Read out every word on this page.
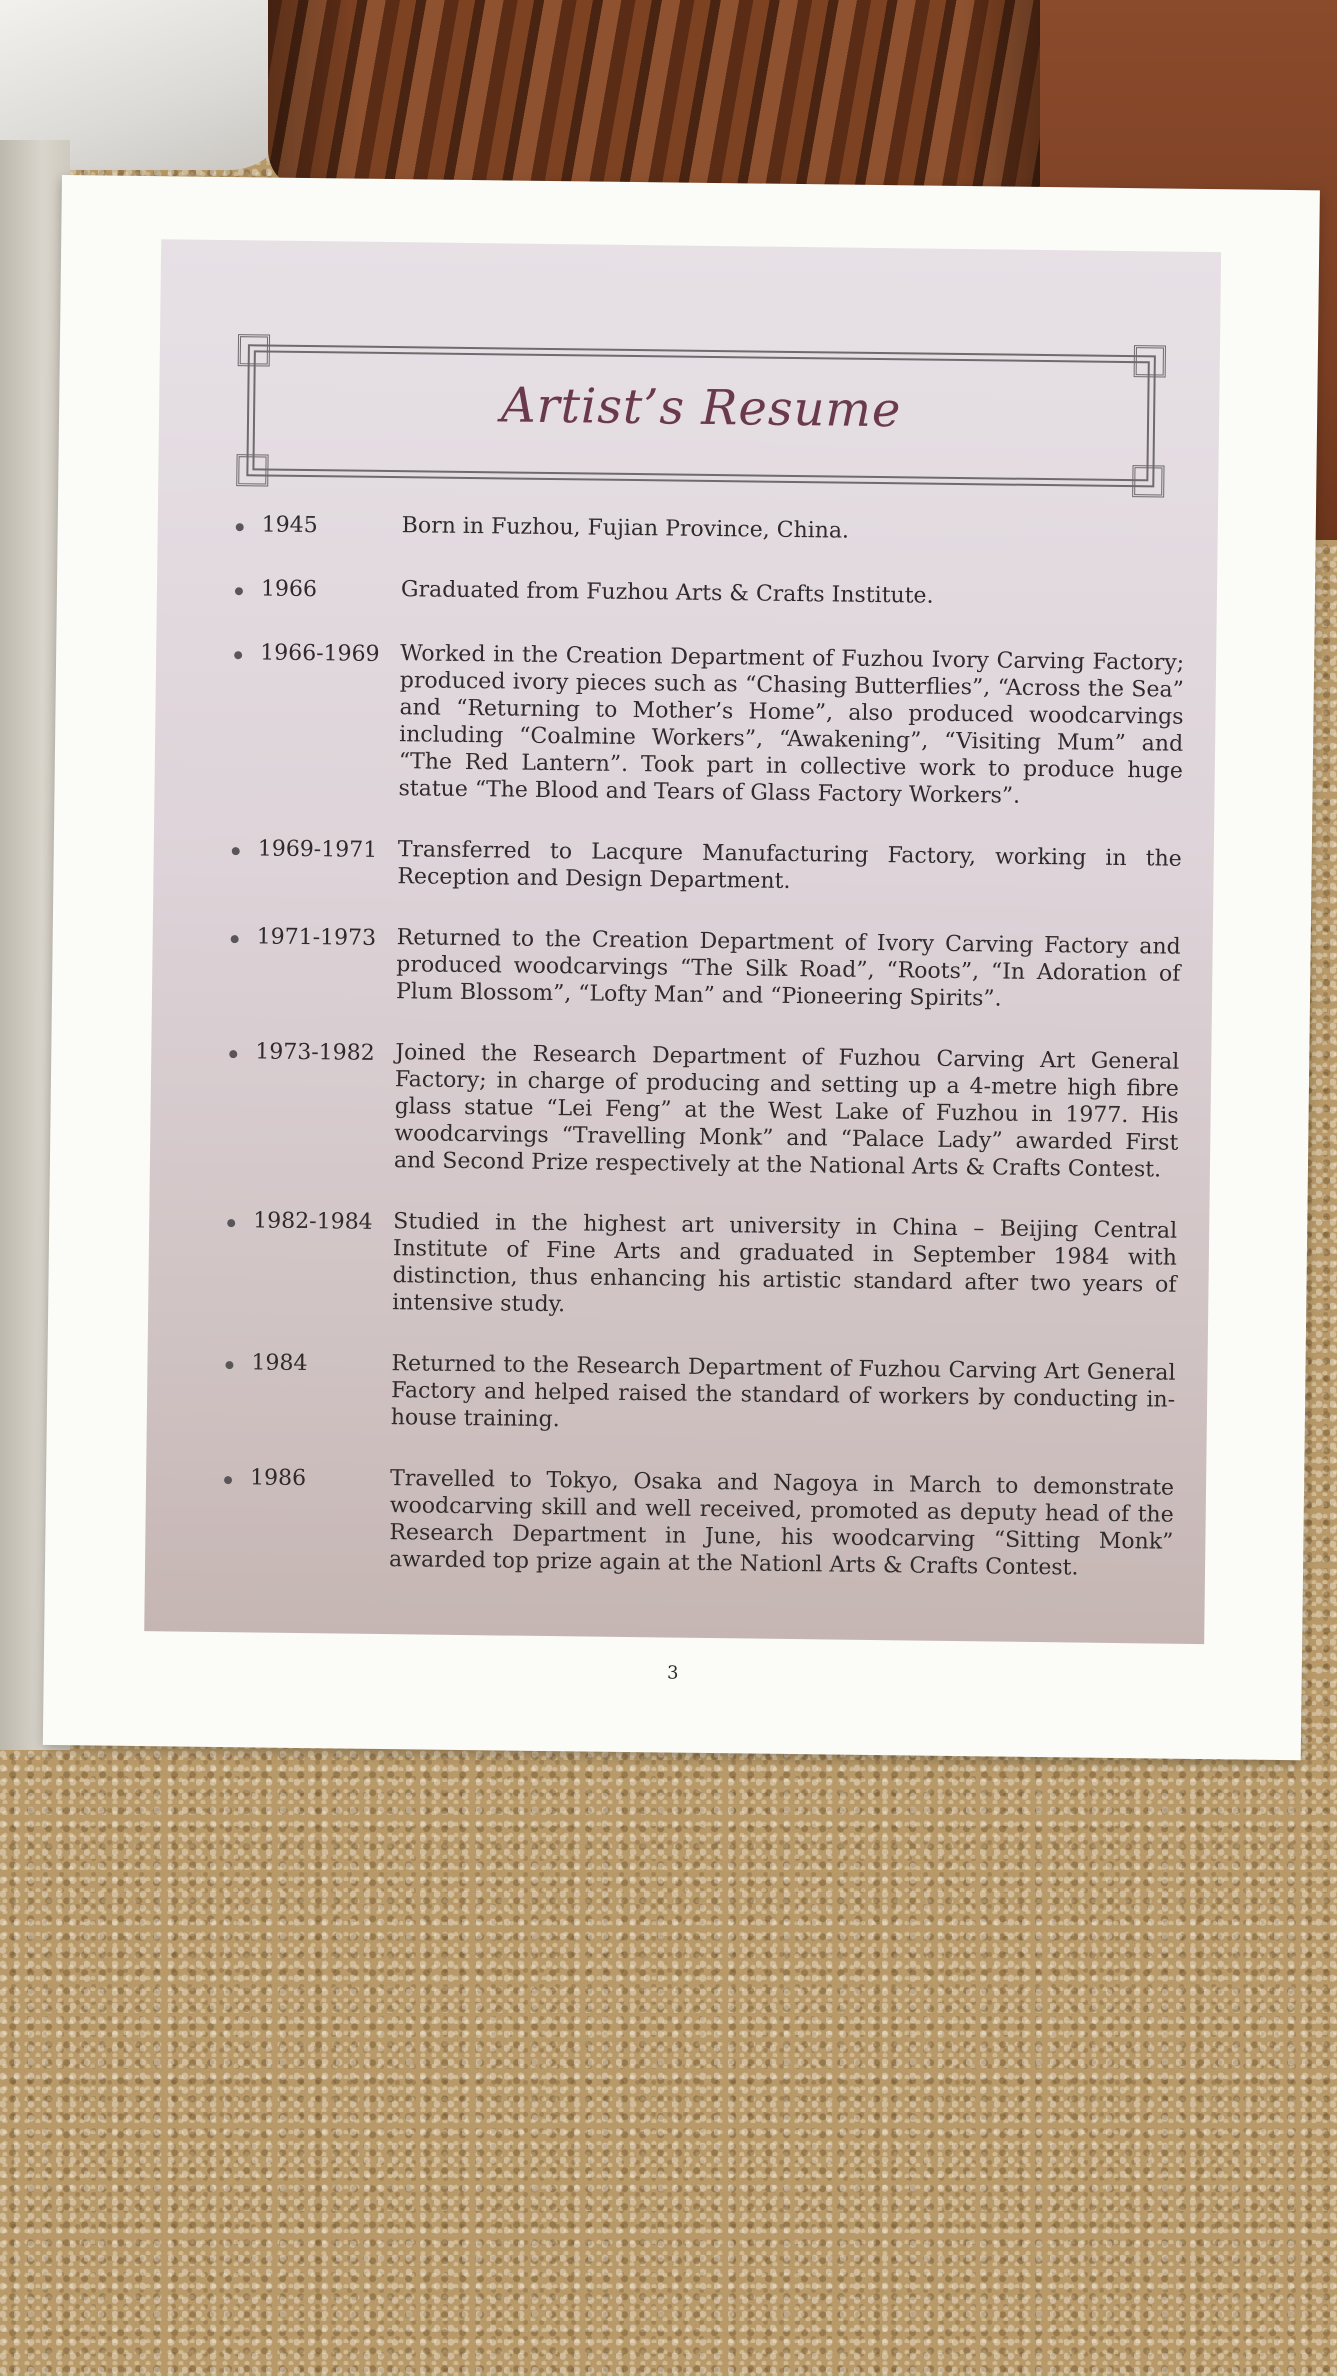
Artist’s Resume
1945	Born in Fuzhou, Fujian Province, China.
1966	Graduated from Fuzhou Arts & Crafts Institute.
1966-1969 Worked in the Creation Department of Fuzhou Ivory Carving Factory; produced ivory pieces such as “Chasing Butterflies”, “Across the Sea” and “Returning to Mother’s Home”, also produced woodcarvings including “Coalmine Workers”, “Awakening”, “Visiting Mum” and “The Red Lantern”. Took part in collective work to produce huge statue “The Blood and Tears of Glass Factory Workers”.
1969-1971 Transferred to Lacqure Manufacturing Factory, working in the Reception and Design Department.
1971-1973 Returned to the Creation Department of Ivory Carving Factory and produced woodcarvings “The Silk Road”, “Roots”, “In Adoration of Plum Blossom”, “Lofty Man” and “Pioneering Spirits”.
1973-1982 Joined the Research Department of Fuzhou Carving Art General Factory; in charge of producing and setting up a 4-metre high fibre glass statue “Lei Feng” at the West Lake of Fuzhou in 1977. His woodcarvings “Travelling Monk” and “Palace Lady” awarded First and Second Prize respectively at the National Arts & Crafts Contest.
1982-1984 Studied in the highest art university in China – Beijing Central Institute of Fine Arts and graduated in September 1984 with distinction, thus enhancing his artistic standard after two years of intensive study.
1984	Returned to the Research Department of Fuzhou Carving Art General Factory and helped raised the standard of workers by conducting in-house training.
1986	Travelled to Tokyo, Osaka and Nagoya in March to demonstrate woodcarving skill and well received, promoted as deputy head of the Research Department in June, his woodcarving “Sitting Monk” awarded top prize again at the Nationl Arts & Crafts Contest.
3
